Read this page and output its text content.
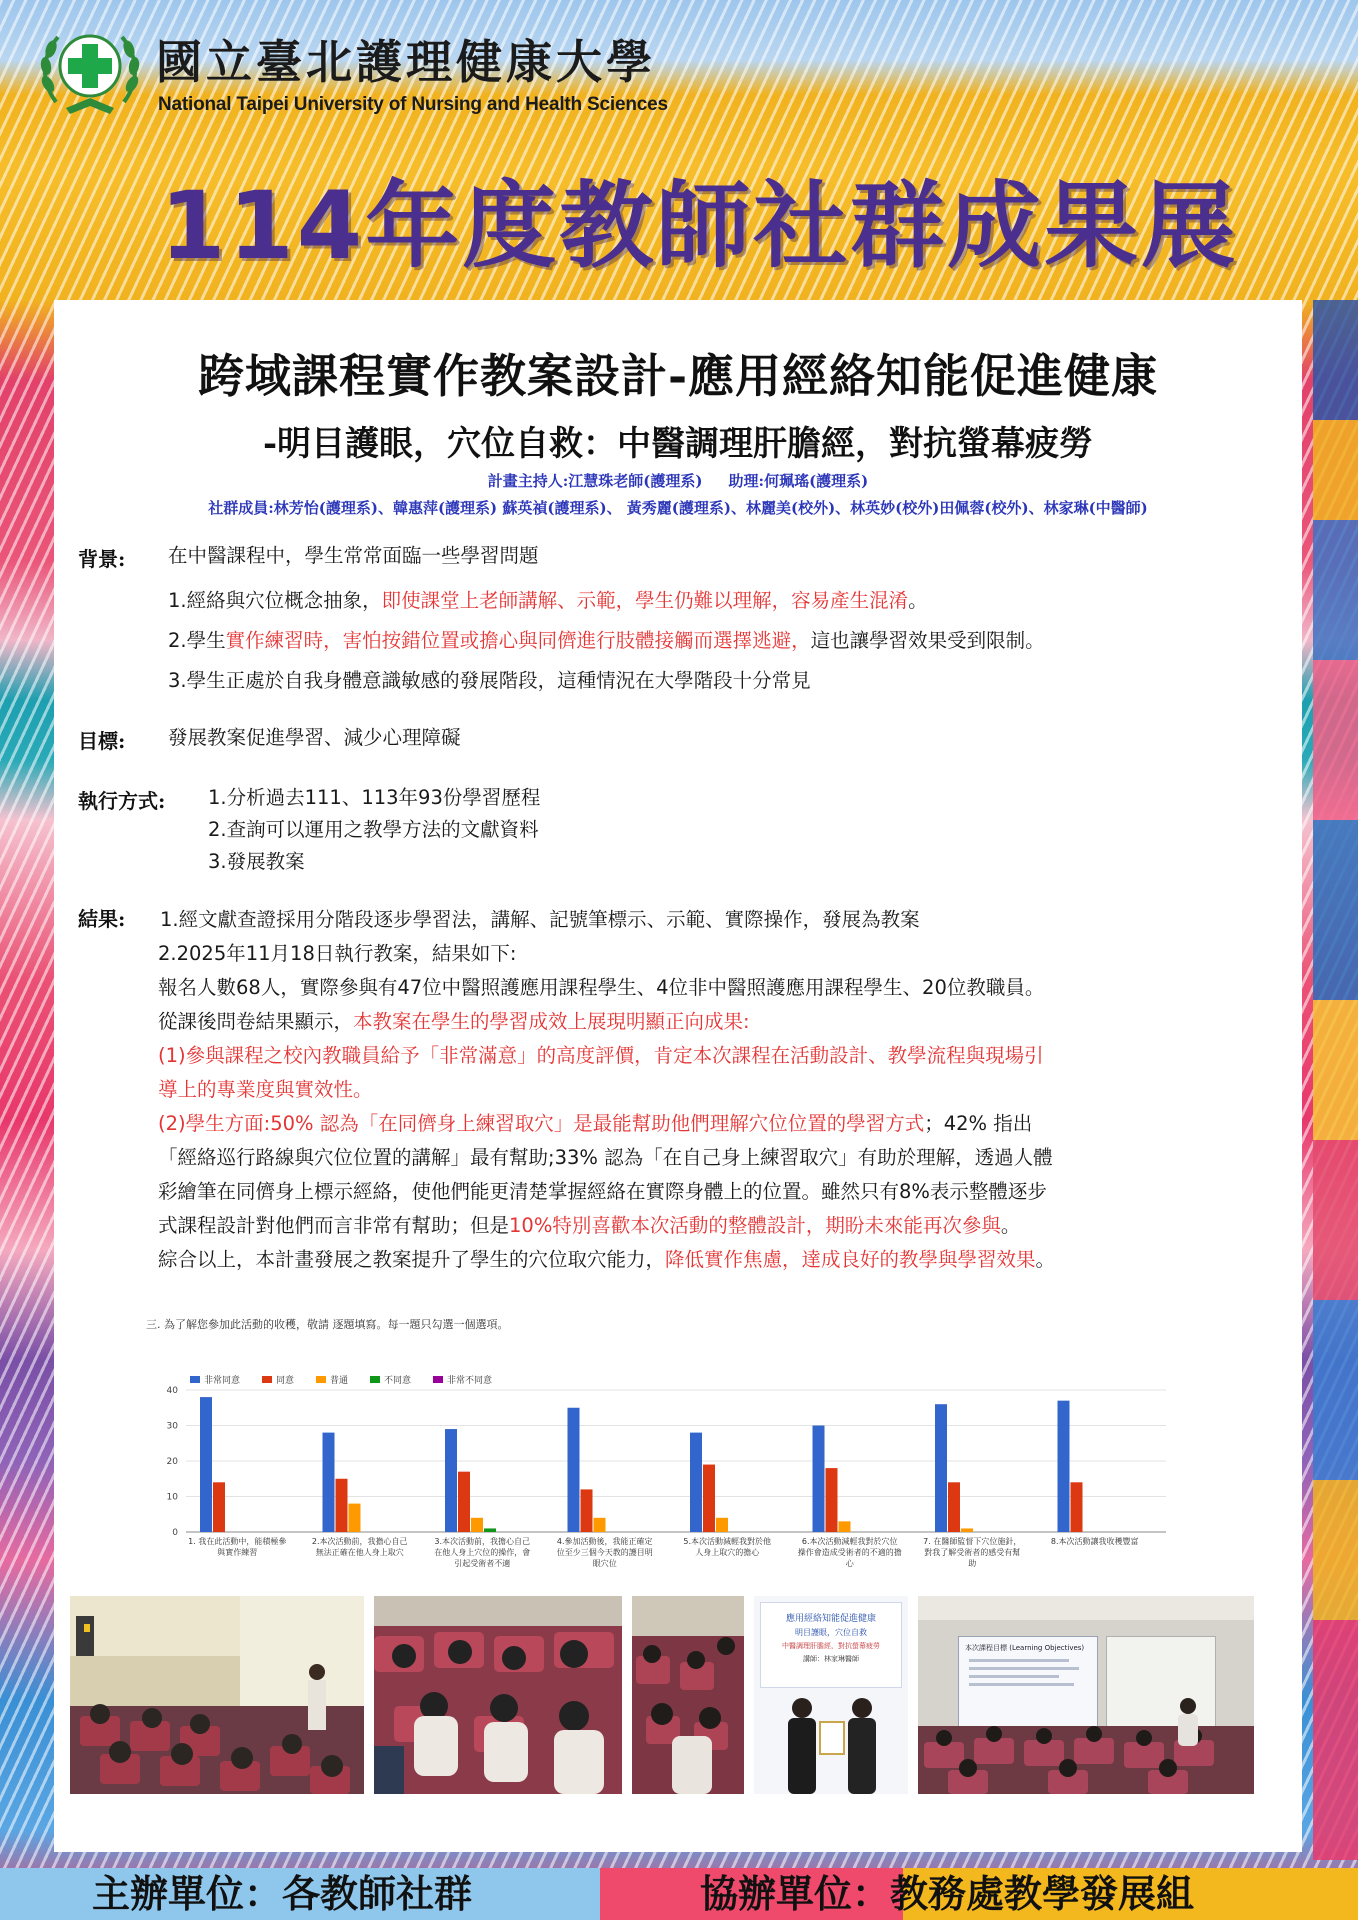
國立臺北護理健康大學
National Taipei University of Nursing and Health Sciences
114年度教師社群成果展
跨域課程實作教案設計-應用經絡知能促進健康
-明目護眼，穴位自救：中醫調理肝膽經，對抗螢幕疲勞
計畫主持人:江慧珠老師(護理系)     助理:何珮瑤(護理系)
社群成員:林芳怡(護理系)、韓惠萍(護理系) 蘇英禎(護理系)、 黃秀麗(護理系)、林麗美(校外)、林英妙(校外)田佩蓉(校外)、林家琳(中醫師)
背景: 在中醫課程中，學生常常面臨一些學習問題
1.經絡與穴位概念抽象，即使課堂上老師講解、示範，學生仍難以理解，容易產生混淆。
2.學生實作練習時，害怕按錯位置或擔心與同儕進行肢體接觸而選擇逃避，這也讓學習效果受到限制。
3.學生正處於自我身體意識敏感的發展階段，這種情況在大學階段十分常見
目標: 發展教案促進學習、減少心理障礙
執行方式: 1.分析過去111、113年93份學習歷程
2.查詢可以運用之教學方法的文獻資料
3.發展教案
結果: 1.經文獻查證採用分階段逐步學習法，講解、記號筆標示、示範、實際操作，發展為教案

2.2025年11月18日執行教案，結果如下:

報名人數68人，實際參與有47位中醫照護應用課程學生、4位非中醫照護應用課程學生、20位教職員。

從課後問卷結果顯示，本教案在學生的學習成效上展現明顯正向成果:

(1)參與課程之校內教職員給予「非常滿意」的高度評價，肯定本次課程在活動設計、教學流程與現場引

導上的專業度與實效性。

(2)學生方面:50% 認為「在同儕身上練習取穴」是最能幫助他們理解穴位位置的學習方式；42% 指出

「經絡巡行路線與穴位位置的講解」最有幫助;33% 認為「在自己身上練習取穴」有助於理解，透過人體

彩繪筆在同儕身上標示經絡，使他們能更清楚掌握經絡在實際身體上的位置。雖然只有8%表示整體逐步

式課程設計對他們而言非常有幫助；但是10%特別喜歡本次活動的整體設計，期盼未來能再次參與。

綜合以上，本計畫發展之教案提升了學生的穴位取穴能力，降低實作焦慮，達成良好的教學與學習效果。

三. 為了解您參加此活動的收穫，敬請 逐題填寫。每一題只勾選一個選項。
非常同意	同意	普通	不同意	非常不同意
0
10
20
30
40
1. 我在此活動中，能積極參
與實作練習
2.本次活動前，我擔心自己
無法正確在他人身上取穴
3.本次活動前，我擔心自己
在他人身上穴位的操作，會
引起受術者不適
4.參加活動後，我能正確定
位至少三個今天教的護目明
眼穴位
5.本次活動減輕我對於他
人身上取穴的擔心
6.本次活動減輕我對於穴位
操作會造成受術者的不適的擔
心
7. 在醫師監督下穴位施針，
對我了解受術者的感受有幫
助
8.本次活動讓我收穫豐富
應用經絡知能促進健康
明目護眼，穴位自救
中醫調理肝膽經，對抗螢幕疲勞
講師：林家琳醫師
本次課程目標 (Learning Objectives)
主辦單位：各教師社群	協辦單位：教務處教學發展組
